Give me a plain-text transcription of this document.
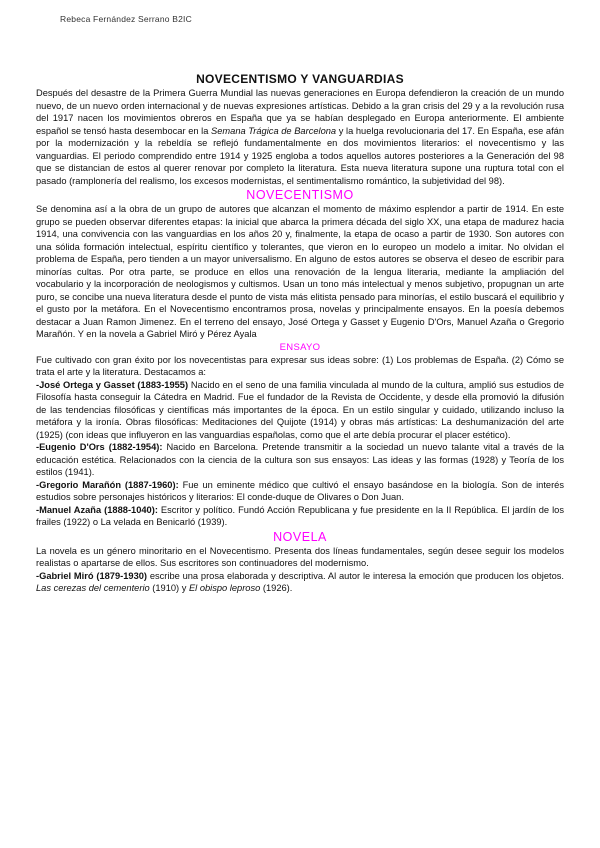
Rebeca Fernández Serrano B2IC
NOVECENTISMO Y VANGUARDIAS

Después del desastre de la Primera Guerra Mundial las nuevas generaciones en Europa defendieron la creación de un mundo nuevo, de un nuevo orden internacional y de nuevas expresiones artísticas. Debido a la gran crisis del 29 y a la revolución rusa del 1917 nacen los movimientos obreros en España que ya se habían desplegado en Europa anteriormente. El ambiente español se tensó hasta desembocar en la Semana Trágica de Barcelona y la huelga revolucionaria del 17. En España, ese afán por la modernización y la rebeldía se reflejó fundamentalmente en dos movimientos literarios: el novecentismo y las vanguardias. El periodo comprendido entre 1914 y 1925 engloba a todos aquellos autores posteriores a la Generación del 98 que se distancian de estos al querer renovar por completo la literatura. Esta nueva literatura supone una ruptura total con el pasado (ramplonería del realismo, los excesos modernistas, el sentimentalismo romántico, la subjetividad del 98).

NOVECENTISMO

Se denomina así a la obra de un grupo de autores que alcanzan el momento de máximo esplendor a partir de 1914. En este grupo se pueden observar diferentes etapas: la inicial que abarca la primera década del siglo XX, una etapa de madurez hacia 1914, una convivencia con las vanguardias en los años 20 y, finalmente, la etapa de ocaso a partir de 1930. Son autores con una sólida formación intelectual, espíritu científico y tolerantes, que vieron en lo europeo un modelo a imitar. No olvidan el problema de España, pero tienden a un mayor universalismo. En alguno de estos autores se observa el deseo de escribir para minorías cultas. Por otra parte, se produce en ellos una renovación de la lengua literaria, mediante la ampliación del vocabulario y la incorporación de neologismos y cultismos. Usan un tono más intelectual y menos subjetivo, propugnan un arte puro, se concibe una nueva literatura desde el punto de vista más elitista pensado para minorías, el estilo buscará el equilibrio y el gusto por la metáfora. En el Novecentismo encontramos prosa, novelas y principalmente ensayos. En la poesía debemos destacar a Juan Ramon Jimenez. En el terreno del ensayo, José Ortega y Gasset y Eugenio D'Ors, Manuel Azaña o Gregorio Marañón. Y en la novela a Gabriel Miró y Pérez Ayala

ENSAYO

Fue cultivado con gran éxito por los novecentistas para expresar sus ideas sobre: (1) Los problemas de España. (2) Cómo se trata el arte y la literatura. Destacamos a:

-José Ortega y Gasset (1883-1955) Nacido en el seno de una familia vinculada al mundo de la cultura, amplió sus estudios de Filosofía hasta conseguir la Cátedra en Madrid. Fue el fundador de la Revista de Occidente, y desde ella promovió la difusión de las tendencias filosóficas y científicas más importantes de la época. En un estilo singular y cuidado, utilizando incluso la metáfora y la ironía. Obras filosóficas: Meditaciones del Quijote (1914) y obras más artísticas: La deshumanización del arte (1925) (con ideas que influyeron en las vanguardias españolas, como que el arte debía procurar el placer estético).

-Eugenio D'Ors (1882-1954): Nacido en Barcelona. Pretende transmitir a la sociedad un nuevo talante vital a través de la educación estética. Relacionados con la ciencia de la cultura son sus ensayos: Las ideas y las formas (1928) y Teoría de los estilos (1941).

-Gregorio Marañón (1887-1960): Fue un eminente médico que cultivó el ensayo basándose en la biología. Son de interés estudios sobre personajes históricos y literarios: El conde-duque de Olivares o Don Juan.

-Manuel Azaña (1888-1040): Escritor y político. Fundó Acción Republicana y fue presidente en la II República. El jardín de los frailes (1922) o La velada en Benicarló (1939).

NOVELA

La novela es un género minoritario en el Novecentismo. Presenta dos líneas fundamentales, según desee seguir los modelos realistas o apartarse de ellos. Sus escritores son continuadores del modernismo.

-Gabriel Miró (1879-1930) escribe una prosa elaborada y descriptiva. Al autor le interesa la emoción que producen los objetos. Las cerezas del cementerio (1910) y El obispo leproso (1926).
